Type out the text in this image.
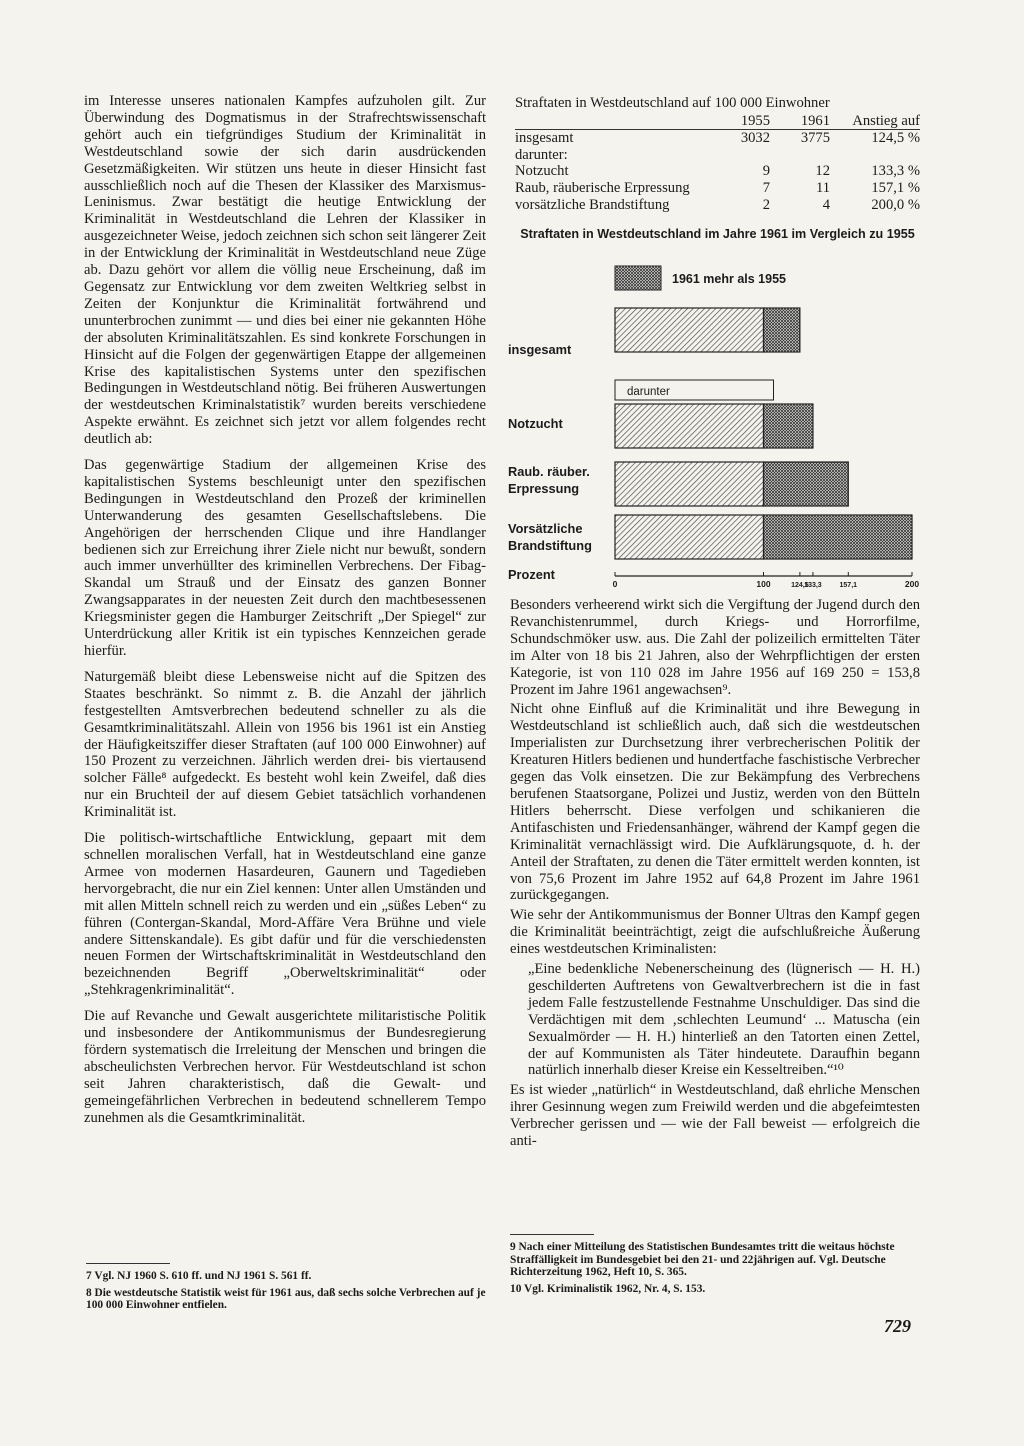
im Interesse unseres nationalen Kampfes aufzuholen gilt. Zur Überwindung des Dogmatismus in der Strafrechtswissenschaft gehört auch ein tiefgründiges Studium der Kriminalität in Westdeutschland sowie der sich darin ausdrückenden Gesetzmäßigkeiten. Wir stützen uns heute in dieser Hinsicht fast ausschließlich noch auf die Thesen der Klassiker des Marxismus-Leninismus. Zwar bestätigt die heutige Entwicklung der Kriminalität in Westdeutschland die Lehren der Klassiker in ausgezeichneter Weise, jedoch zeichnen sich schon seit längerer Zeit in der Entwicklung der Kriminalität in Westdeutschland neue Züge ab. Dazu gehört vor allem die völlig neue Erscheinung, daß im Gegensatz zur Entwicklung vor dem zweiten Weltkrieg selbst in Zeiten der Konjunktur die Kriminalität fortwährend und ununterbrochen zunimmt — und dies bei einer nie gekannten Höhe der absoluten Kriminalitätszahlen. Es sind konkrete Forschungen in Hinsicht auf die Folgen der gegenwärtigen Etappe der allgemeinen Krise des kapitalistischen Systems unter den spezifischen Bedingungen in Westdeutschland nötig. Bei früheren Auswertungen der westdeutschen Kriminalstatistik⁷ wurden bereits verschiedene Aspekte erwähnt. Es zeichnet sich jetzt vor allem folgendes recht deutlich ab:

Das gegenwärtige Stadium der allgemeinen Krise des kapitalistischen Systems beschleunigt unter den spezifischen Bedingungen in Westdeutschland den Prozeß der kriminellen Unterwanderung des gesamten Gesellschaftslebens. Die Angehörigen der herrschenden Clique und ihre Handlanger bedienen sich zur Erreichung ihrer Ziele nicht nur bewußt, sondern auch immer unverhüllter des kriminellen Verbrechens. Der Fibag-Skandal um Strauß und der Einsatz des ganzen Bonner Zwangsapparates in der neuesten Zeit durch den machtbesessenen Kriegsminister gegen die Hamburger Zeitschrift „Der Spiegel“ zur Unterdrückung aller Kritik ist ein typisches Kennzeichen gerade hierfür.

Naturgemäß bleibt diese Lebensweise nicht auf die Spitzen des Staates beschränkt. So nimmt z. B. die Anzahl der jährlich festgestellten Amtsverbrechen bedeutend schneller zu als die Gesamtkriminalitätszahl. Allein von 1956 bis 1961 ist ein Anstieg der Häufigkeitsziffer dieser Straftaten (auf 100 000 Einwohner) auf 150 Prozent zu verzeichnen. Jährlich werden drei- bis viertausend solcher Fälle⁸ aufgedeckt. Es besteht wohl kein Zweifel, daß dies nur ein Bruchteil der auf diesem Gebiet tatsächlich vorhandenen Kriminalität ist.

Die politisch-wirtschaftliche Entwicklung, gepaart mit dem schnellen moralischen Verfall, hat in Westdeutschland eine ganze Armee von modernen Hasardeuren, Gaunern und Tagedieben hervorgebracht, die nur ein Ziel kennen: Unter allen Umständen und mit allen Mitteln schnell reich zu werden und ein „süßes Leben“ zu führen (Contergan-Skandal, Mord-Affäre Vera Brühne und viele andere Sittenskandale). Es gibt dafür und für die verschiedensten neuen Formen der Wirtschaftskriminalität in Westdeutschland den bezeichnenden Begriff „Oberweltskriminalität“ oder „Stehkragenkriminalität“.

Die auf Revanche und Gewalt ausgerichtete militaristische Politik und insbesondere der Antikommunismus der Bundesregierung fördern systematisch die Irreleitung der Menschen und bringen die abscheulichsten Verbrechen hervor. Für Westdeutschland ist schon seit Jahren charakteristisch, daß die Gewalt- und gemeingefährlichen Verbrechen in bedeutend schnellerem Tempo zunehmen als die Gesamtkriminalität.

Straftaten in Westdeutschland auf 100 000 Einwohner
	1955	1961	Anstieg auf
insgesamt	3032	3775	124,5 %
darunter:			
Notzucht	9	12	133,3 %
Raub, räuberische Erpressung	7	11	157,1 %
vorsätzliche Brandstiftung	2	4	200,0 %
Straftaten in Westdeutschland im Jahre 1961 im Vergleich zu 1955
1961 mehr als 1955
insgesamt
Notzucht
Raub. räuber.
Erpressung
Vorsätzliche
Brandstiftung
darunter
0	100	124,5
133,3	157,1	200
Prozent

Besonders verheerend wirkt sich die Vergiftung der Jugend durch den Revanchistenrummel, durch Kriegs- und Horrorfilme, Schundschmöker usw. aus. Die Zahl der polizeilich ermittelten Täter im Alter von 18 bis 21 Jahren, also der Wehrpflichtigen der ersten Kategorie, ist von 110 028 im Jahre 1956 auf 169 250 = 153,8 Prozent im Jahre 1961 angewachsen⁹.

Nicht ohne Einfluß auf die Kriminalität und ihre Bewegung in Westdeutschland ist schließlich auch, daß sich die westdeutschen Imperialisten zur Durchsetzung ihrer verbrecherischen Politik der Kreaturen Hitlers bedienen und hundertfache faschistische Verbrecher gegen das Volk einsetzen. Die zur Bekämpfung des Verbrechens berufenen Staatsorgane, Polizei und Justiz, werden von den Bütteln Hitlers beherrscht. Diese verfolgen und schikanieren die Antifaschisten und Friedensanhänger, während der Kampf gegen die Kriminalität vernachlässigt wird. Die Aufklärungsquote, d. h. der Anteil der Straftaten, zu denen die Täter ermittelt werden konnten, ist von 75,6 Prozent im Jahre 1952 auf 64,8 Prozent im Jahre 1961 zurückgegangen.

Wie sehr der Antikommunismus der Bonner Ultras den Kampf gegen die Kriminalität beeinträchtigt, zeigt die aufschlußreiche Äußerung eines westdeutschen Kriminalisten:

„Eine bedenkliche Nebenerscheinung des (lügnerisch — H. H.) geschilderten Auftretens von Gewaltverbrechern ist die in fast jedem Falle festzustellende Festnahme Unschuldiger. Das sind die Verdächtigen mit dem ‚schlechten Leumund‘ ... Matuscha (ein Sexualmörder — H. H.) hinterließ an den Tatorten einen Zettel, der auf Kommunisten als Täter hindeutete. Daraufhin begann natürlich innerhalb dieser Kreise ein Kesseltreiben.“¹⁰

Es ist wieder „natürlich“ in Westdeutschland, daß ehrliche Menschen ihrer Gesinnung wegen zum Freiwild werden und die abgefeimtesten Verbrecher gerissen und — wie der Fall beweist — erfolgreich die anti-

7 Vgl. NJ 1960 S. 610 ff. und NJ 1961 S. 561 ff.

8 Die westdeutsche Statistik weist für 1961 aus, daß sechs solche Verbrechen auf je 100 000 Einwohner entfielen.

9 Nach einer Mitteilung des Statistischen Bundesamtes tritt die weitaus höchste Straffälligkeit im Bundesgebiet bei den 21- und 22jährigen auf. Vgl. Deutsche Richterzeitung 1962, Heft 10, S. 365.

10 Vgl. Kriminalistik 1962, Nr. 4, S. 153.

729
